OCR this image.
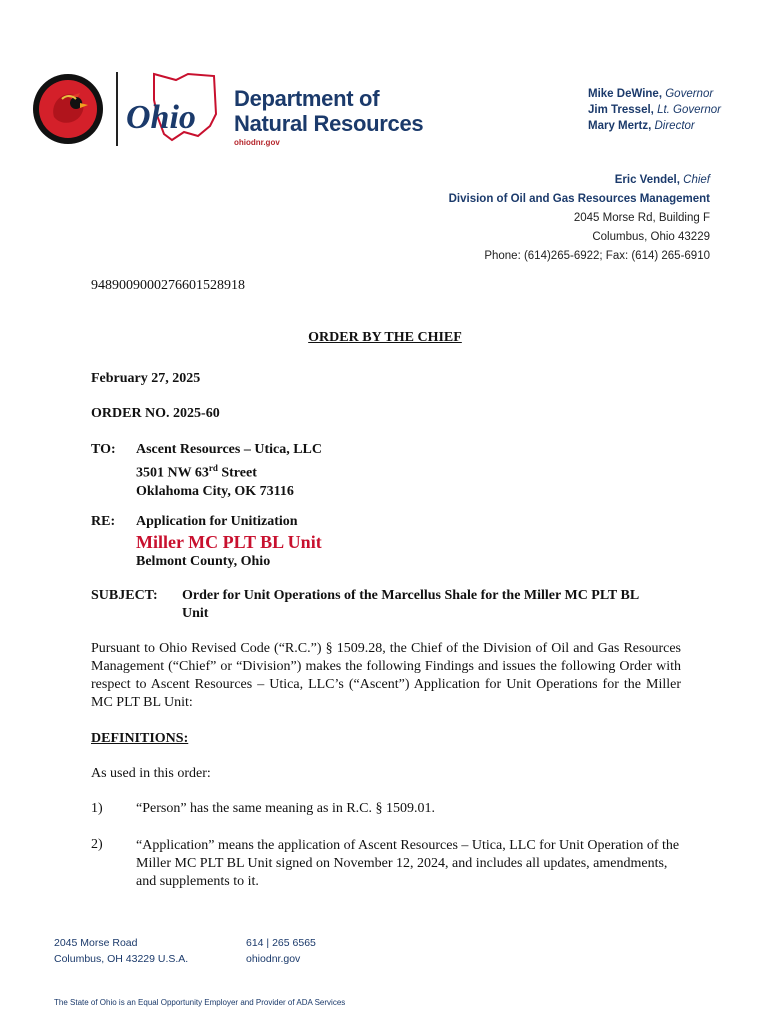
Ohio
Department of
Natural Resources
ohiodnr.gov
Mike DeWine, Governor
Jim Tressel, Lt. Governor
Mary Mertz, Director
Eric Vendel, Chief
Division of Oil and Gas Resources Management
2045 Morse Rd, Building F
Columbus, Ohio 43229
Phone: (614)265-6922; Fax: (614) 265-6910
9489009000276601528918
ORDER BY THE CHIEF
February 27, 2025
ORDER NO. 2025-60
TO: Ascent Resources – Utica, LLC
3501 NW 63rd Street
Oklahoma City, OK 73116
RE: Application for Unitization
Miller MC PLT BL Unit
Belmont County, Ohio
SUBJECT: Order for Unit Operations of the Marcellus Shale for the Miller MC PLT BL
Unit
Pursuant to Ohio Revised Code (“R.C.”) § 1509.28, the Chief of the Division of Oil and Gas Resources Management (“Chief” or “Division”) makes the following Findings and issues the following Order with respect to Ascent Resources – Utica, LLC’s (“Ascent”) Application for Unit Operations for the Miller MC PLT BL Unit:
DEFINITIONS:
As used in this order:
1) “Person” has the same meaning as in R.C. § 1509.01.
2) “Application” means the application of Ascent Resources – Utica, LLC for Unit Operation of the Miller MC PLT BL Unit signed on November 12, 2024, and includes all updates, amendments, and supplements to it.
2045 Morse Road
Columbus, OH 43229 U.S.A.
614 | 265 6565
ohiodnr.gov
The State of Ohio is an Equal Opportunity Employer and Provider of ADA Services
